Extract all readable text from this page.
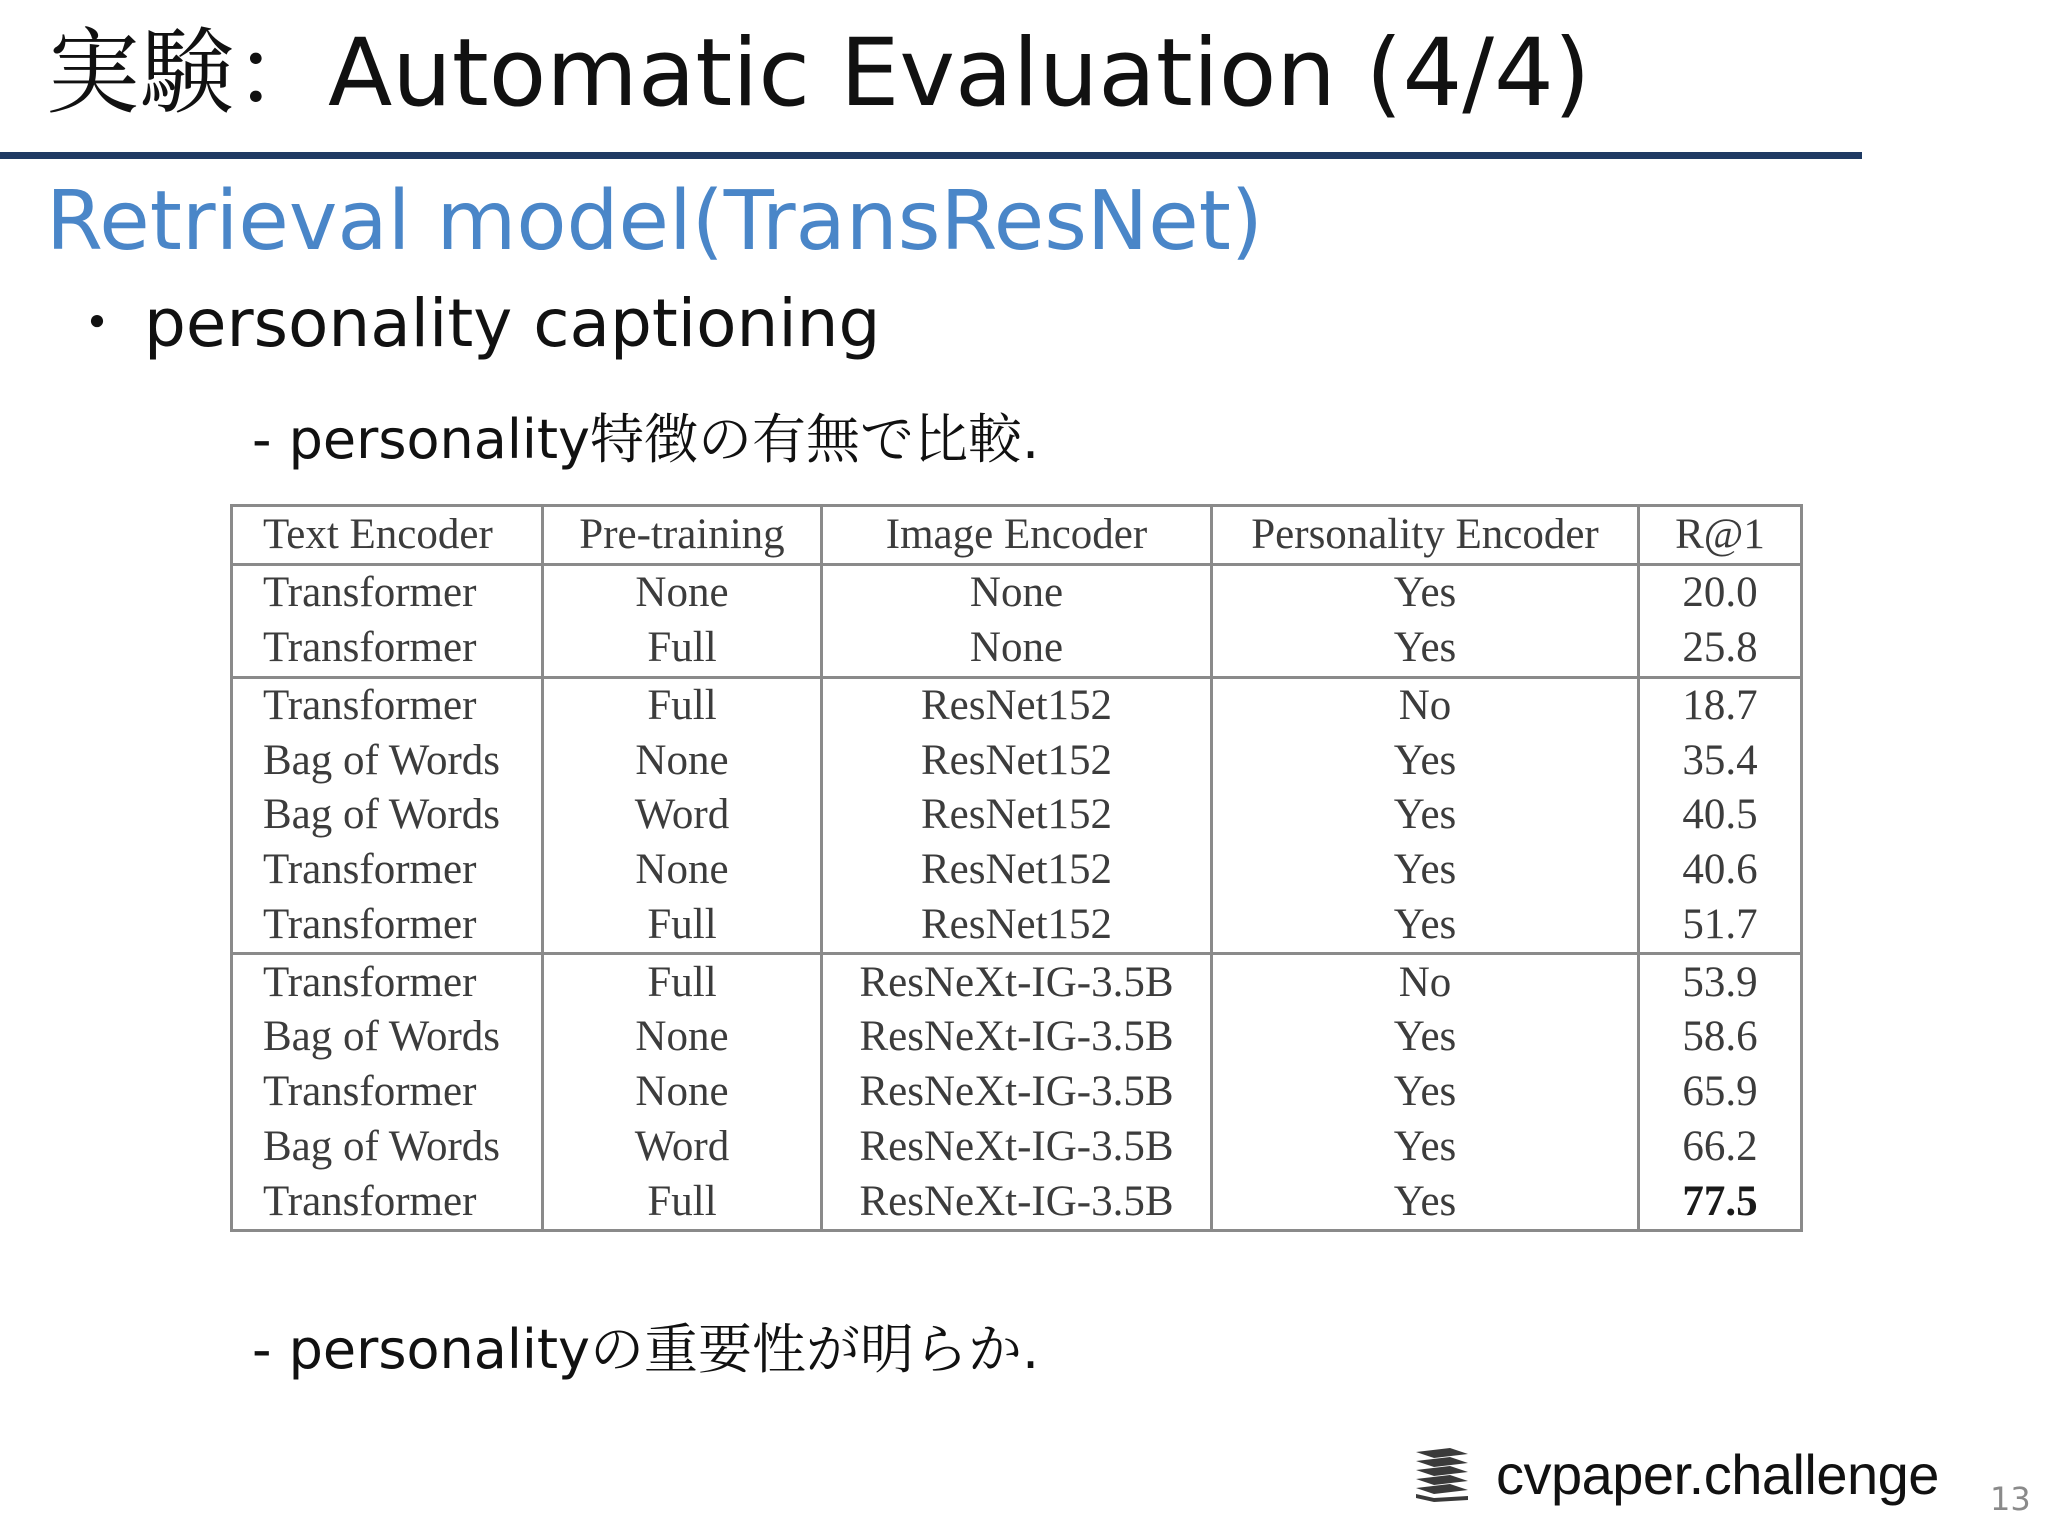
実験：Automatic Evaluation (4/4)
Retrieval model(TransResNet)
・ personality captioning
- personality特徴の有無で比較.
Text Encoder	Pre-training	Image Encoder	Personality Encoder	R@1
Transformer	None	None	Yes	20.0
Transformer	Full	None	Yes	25.8
Transformer	Full	ResNet152	No	18.7
Bag of Words	None	ResNet152	Yes	35.4
Bag of Words	Word	ResNet152	Yes	40.5
Transformer	None	ResNet152	Yes	40.6
Transformer	Full	ResNet152	Yes	51.7
Transformer	Full	ResNeXt-IG-3.5B	No	53.9
Bag of Words	None	ResNeXt-IG-3.5B	Yes	58.6
Transformer	None	ResNeXt-IG-3.5B	Yes	65.9
Bag of Words	Word	ResNeXt-IG-3.5B	Yes	66.2
Transformer	Full	ResNeXt-IG-3.5B	Yes	77.5
- personalityの重要性が明らか.
cvpaper.challenge 13
